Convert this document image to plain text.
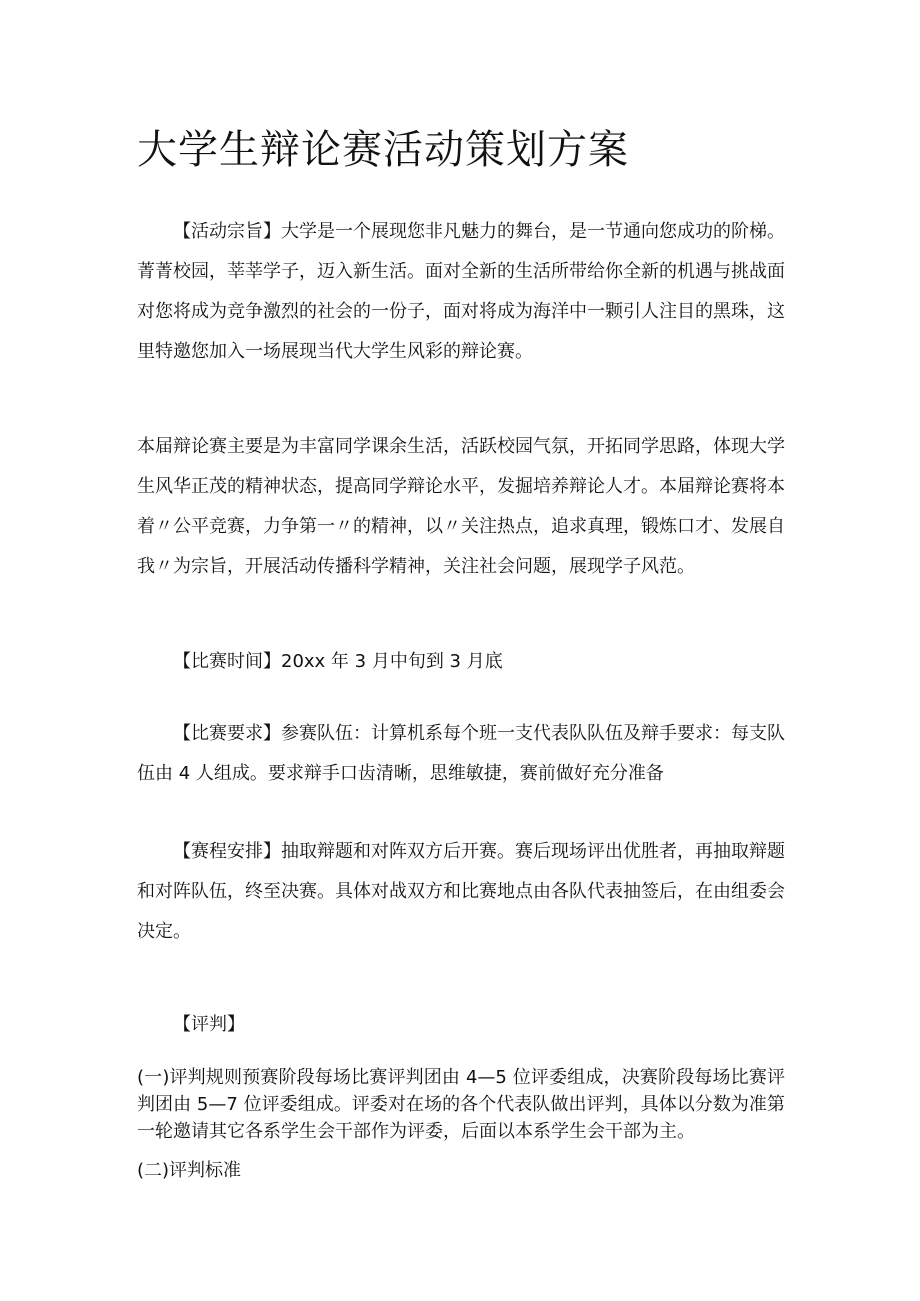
大学生辩论赛活动策划方案

【活动宗旨】大学是一个展现您非凡魅力的舞台，是一节通向您成功的阶梯。菁菁校园，莘莘学子，迈入新生活。面对全新的生活所带给你全新的机遇与挑战面对您将成为竞争激烈的社会的一份子，面对将成为海洋中一颗引人注目的黑珠，这里特邀您加入一场展现当代大学生风彩的辩论赛。

本届辩论赛主要是为丰富同学课余生活，活跃校园气氛，开拓同学思路，体现大学生风华正茂的精神状态，提高同学辩论水平，发掘培养辩论人才。本届辩论赛将本着〃公平竞赛，力争第一〃的精神，以〃关注热点，追求真理，锻炼口才、发展自我〃为宗旨，开展活动传播科学精神，关注社会问题，展现学子风范。

【比赛时间】20xx 年 3 月中旬到 3 月底

【比赛要求】参赛队伍：计算机系每个班一支代表队队伍及辩手要求：每支队伍由 4 人组成。要求辩手口齿清晰，思维敏捷，赛前做好充分准备

【赛程安排】抽取辩题和对阵双方后开赛。赛后现场评出优胜者，再抽取辩题和对阵队伍，终至决赛。具体对战双方和比赛地点由各队代表抽签后，在由组委会决定。

【评判】

(一)评判规则预赛阶段每场比赛评判团由 4—5 位评委组成，决赛阶段每场比赛评判团由 5—7 位评委组成。评委对在场的各个代表队做出评判，具体以分数为准第一轮邀请其它各系学生会干部作为评委，后面以本系学生会干部为主。

(二)评判标准
